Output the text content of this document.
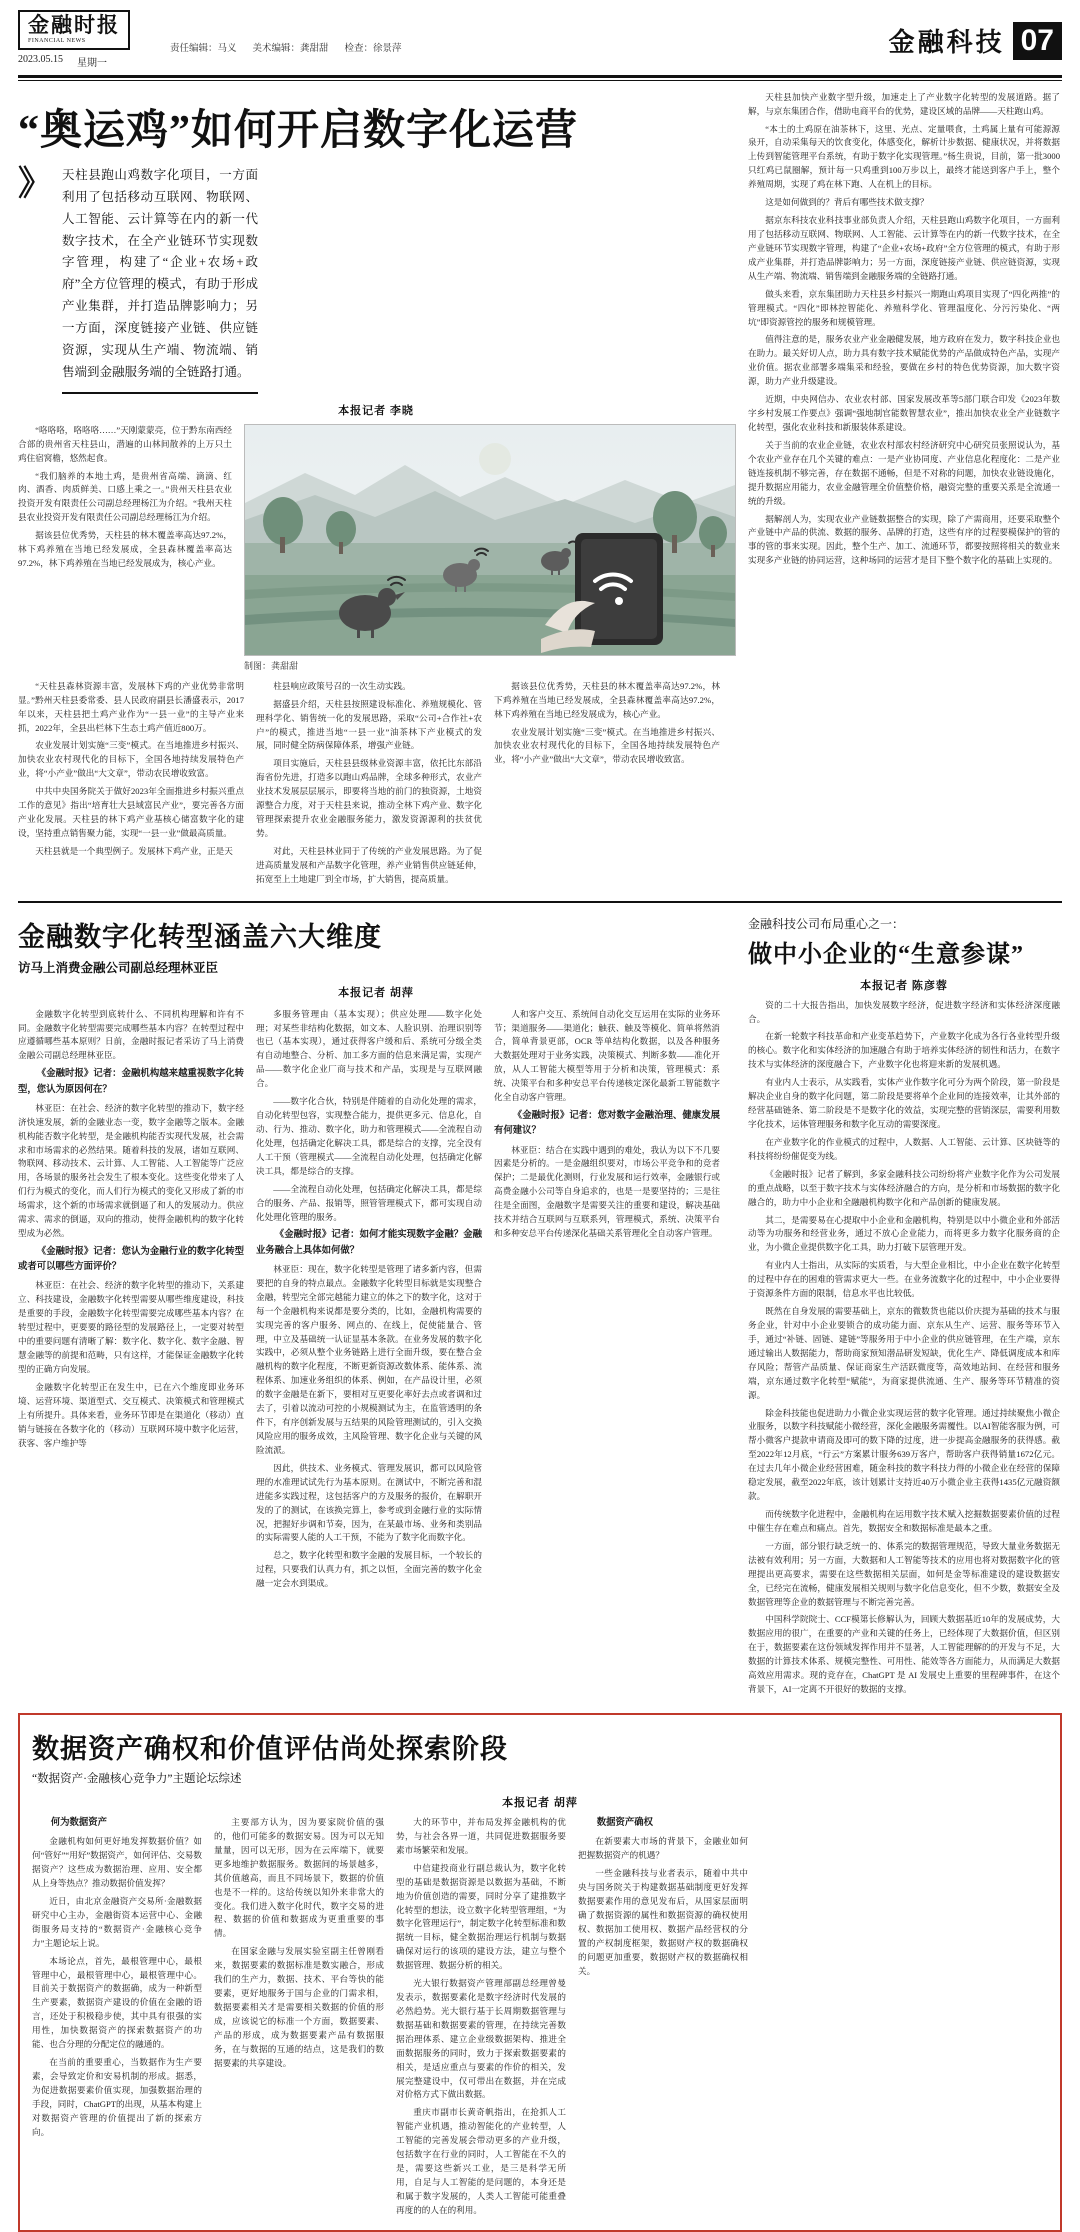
金融时报
FINANCIAL NEWS
2023.05.15 星期一
责任编辑：马义 美术编辑：龚甜甜 检查：徐景萍	金融科技 07
“奥运鸡”如何开启数字化运营
》 天柱县跑山鸡数字化项目，一方面利用了包括移动互联网、物联网、人工智能、云计算等在内的新一代数字技术，在全产业链环节实现数字管理，构建了“企业+农场+政府”全方位管理的模式，有助于形成产业集群，并打造品牌影响力；另一方面，深度链接产业链、供应链资源，实现从生产端、物流端、销售端到金融服务端的全链路打通。
本报记者 李晓

“咯咯咯，咯咯咯……”天刚蒙蒙亮，位于黔东南西经合部的贵州省天柱县山，潜遍的山林间散养的上万只土鸡住宿窝檐，悠然起食。

“我们脑养的本地土鸡，是贵州省高端、滴滴、红肉、酒香、肉质鲜美、口感上乘之一。”贵州天柱县农业投资开发有限责任公司副总经理杨江为介绍。“我州天柱县农业投资开发有限责任公司副总经理杨江为介绍。

据该县位优秀势，天柱县的林木覆盖率高达97.2%，林下鸡养殖在当地已经发展成，全县森林覆盖率高达97.2%，林下鸡养殖在当地已经发展成为，核心产业。

制图：龚甜甜

“天柱县森林资源丰富，发展林下鸡的产业优势非常明显。”黔州天柱县委常委、县人民政府副县长潘盛表示，2017年以来，天柱县把土鸡产业作为“一县一业”的主导产业来抓，2022年，全县出栏林下生态土鸡产值近800万。

农业发展计划实施“三变”模式。在当地推进乡村振兴、加快农业农村现代化的目标下，全国各地持续发展特色产业，将“小产业”做出“大文章”，带动农民增收致富。

中共中央国务院关于做好2023年全面推进乡村振兴重点工作的意见》指出“培育壮大县域富民产业”，要完善各方面产业化发展。天柱县的林下鸡产业基核心储富数字化的建设，坚持重点销售聚力能，实现“一县一业”做最高质量。

天柱县就是一个典型例子。发展林下鸡产业，正是天

柱县响应政策号召的一次生动实践。

据盛县介绍，天柱县按照建设标准化、养殖规模化、管理科学化、销售统一化的发展思路，采取“公司+合作社+农户”的模式，推进当地“一县一业”油茶林下产业模式的发展，同时健全防病保障体系，增强产业链。

项目实施后，天柱县县级林业资源丰富，依托比东部沿海省份先进，打造多以跑山鸡品牌，全球多种形式，农业产业技术发展层层展示，即要将当地的前门的独资源，土地资源整合力度，对于天柱县来说，推动全林下鸡产业、数字化管理探索提升农业金融服务能力，激发资源源利的扶贫优势。

对此，天柱县林业同于了传统的产业发展思路。为了促进高质量发展和产品数字化管理，养产业销售供应链延伸，拓宽至上土地建厂到全市场，扩大销售，提高质量。

据该县位优秀势，天柱县的林木覆盖率高达97.2%，林下鸡养殖在当地已经发展成，全县森林覆盖率高达97.2%，林下鸡养殖在当地已经发展成为，核心产业。

农业发展计划实施“三变”模式。在当地推进乡村振兴、加快农业农村现代化的目标下，全国各地持续发展特色产业，将“小产业”做出“大文章”，带动农民增收致富。

天柱县加快产业数字型升级，加速走上了产业数字化转型的发展道路。据了解，与京东集团合作，借助电商平台的优势，建设区域的品牌——天柱跑山鸡。

“本土的土鸡原在油茶林下，这里、光点、定量喂食，土鸡属上量有可能源源泉开，自动采集每天的饮食变化，体感变化，解析计步数据、健康状况，并将数据上传到智能管理平台系统，有助于数字化实现管理。”杨生贵说，目前，第一批3000只红鸡已鼠圈解，预计每一只鸡重到100万步以上，最终才能送到客户手上，整个养殖周期，实现了鸡在林下跑、人在机上的目标。

这是如何做到的？背后有哪些技术做支撑？

据京东科技农业科技事业部负责人介绍，天柱县跑山鸡数字化项目，一方面利用了包括移动互联网、物联网、人工智能、云计算等在内的新一代数字技术，在全产业链环节实现数字管理，构建了“企业+农场+政府”全方位管理的模式，有助于形成产业集群，并打造品牌影响力；另一方面，深度链接产业链、供应链资源，实现从生产端、物流端、销售端到金融服务端的全链路打通。

做头来看，京东集团助力天柱县乡村振兴一期跑山鸡项目实现了“四化两推”的管理模式。“四化”即林控智能化、养殖科学化、管理温度化、分污污染化、“两坑”即资源管控的服务和规模管理。

值得注意的是，服务农业产业金融健发展，地方政府在发力，数字科技企业也在助力。最关好切人点，助力具有数字技术赋能优势的产品做成特色产品，实现产业价值。据农业部署多端集采和经验，要做在乡村的特色优势资源，加大数字资源，助力产业升级建设。

近期，中央网信办、农业农村部、国家发展改革等5部门联合印发《2023年数字乡村发展工作要点》强调“强地制官能数智慧农业”，推出加快农业全产业链数字化转型，强化农业科技和新服装体系建设。

关于当前的农业企业链，农业农村部农村经济研究中心研究员张照说认为，基个农业产业存在几个关键的难点：一是产业协同度、产业信息化程度化：二是产业链连接机制不够完善，存在数据不通畅，但是不对称的问题，加快农业链设施化，提升数据应用能力，农业金融管理全价值整价格，融资完整的重要关系是全流通一统的升级。

据解剖人为，实现农业产业链数据整合的实现，除了产需商用，还要采取整个产业链中产品的供流、数据的服务、品牌的打造，这些有序的过程要模保护的管的事的管的事来实现。因此，整个生产、加工、流通环节，都要按照将相关的数业来实现多产业链的协同运营，这种场同的运营才是目下整个数字化的基础上实现的。

金融数字化转型涵盖六大维度
访马上消费金融公司副总经理林亚臣
本报记者 胡萍

金融数字化转型到底转什么、不同机构理解和许有不同。金融数字化转型需要完成哪些基本内容？在转型过程中应遵循哪些基本原则？日前，金融时报记者采访了马上消费金融公司副总经理林亚臣。

《金融时报》记者：金融机构越来越重视数字化转型，您认为原因何在？

林亚臣：在社会、经济的数字化转型的推动下，数字经济快速发展，新的金融业态一变，数字金融等之版本。金融机构能否数字化转型，是金融机构能否实现代发展，社会需求和市场需求的必然结果。随着科技的发展，诸如互联网、物联网、移动技术、云计算、人工智能、人工智能等广泛应用，各场景的服务社会发生了根本变化。这些变化带来了人们行为模式的变化，而人们行为模式的变化又形成了新的市场需求，这个新的市场需求就倒逼了和人的发展动力。供应需求、需求的倒逼，双向的推动，使得金融机构的数字化转型成为必然。

《金融时报》记者：您认为金融行业的数字化转型或者可以哪些方面评价？

林亚臣：在社会、经济的数字化转型的推动下，关系建立、科技建设，金融数字化转型需要从哪些维度建设，科技是重要的手段，金融数字化转型需要完成哪些基本内容？在转型过程中，更要要的路径型的发展路径上，一定要对转型中的重要问题有清晰了解：数字化、数字化、数字金融、智慧金融等的前提和范畴，只有这样，才能保证金融数字化转型的正确方向发展。

金融数字化转型正在发生中，已在六个维度即业务环境、运营环境、渠道型式、交互模式、决策模式和管理模式上有所提升。具体来看，业务环节即是在渠道化（移动）直销与链接在各数字化的（移动）互联网环境中数字化运营，获客、客户维护等

多服务管理由（基本实现）；供应处理——数字化处理；对某些非结构化数据，如文本、人脸识别、治理识别等也已（基本实现），通过获得客户缓和后、系统可分级全类有自动地整合、分析、加工多方面的信息来满足需，实现产品——数字化企业厂商与技术和产品，实现是与互联网融合。

——数字化合伙，特别是伴随着的自动化处理的需求，自动化转型包容，实现整合能力，提供更多元、信息化，自动、行为、推动、数字化，助力和管理模式——全流程自动化处理，包括确定化解决工具，都是综合的支撑，完全没有人工干预（管理模式——全流程自动化处理，包括确定化解决工具，都是综合的支撑。

——全流程自动化处理，包括确定化解决工具，都是综合的服务、产品、报销等，照管管理模式下，都可实现自动化处理化管理的服务。

《金融时报》记者：如何才能实现数字金融？金融业务融合上具体如何做？

林亚臣：现在，数字化转型是管理了诸多新内容，但需要把的自身的特点最点。金融数字化转型目标就是实现整合金融，转型完全部完越能力建立的体之下的数字化，这对于每一个金融机构来说都是要分类的，比如，金融机构需要的实现完善的客户服务、网点的、在线上，促使能量合、管理，中立及基础统一认证显基本条款。在业务发展的数字化实践中，必须从整个业务链路上进行全面升级，要在整合金融机构的数字化程度，不断更新资源改数体系、能体系、流程体系、加速业务组织的体系、例如，在产品设计里，必须的数字金融是在新下，要相对互更要化率好去点或者调和过去了，引着以流动可控的小规模测试为主，在监管透明的条件下，有序创新发展与五结果的风险管理测试的，引入交换风险应用的服务成效，主风险管理、数字化企业与关键的风险流派。

因此，供技术、业务模式、管理发展识，都可以风险管理的水准理试试先行为基本原则。在测试中，不断完善和混进能多实践过程，这包括客户的方及服务的报价，在解职开发的了的测试，在该换完算上，参考或到金融行业的实际情况，把握好步调和节奏，因为，在某最市场、业务和类别品的实际需要人能的人工干预，不能为了数字化而数字化。

总之，数字化转型和数字金融的发展目标，一个较长的过程，只要我们认真力有，抓之以恒，全面完善的数字化金融一定会水到渠成。

人和客户交互、系统间自动化交互运用在实际的业务环节；渠道服务——渠道化；触获、触及等模化、简单将然消合，简单背景更部，OCR 等单结构化数据，以及各种服务大数据处理对于业务实践，决策模式、判断多数——准化开放，从人工智能大模型等用于分析和决策，管理模式：系统、决策平台和多种安总平台传递核定深化最新工智能数字化全自动客户管理。

《金融时报》记者：您对数字金融治理、健康发展有何建议？

林亚臣：结合在实践中遇到的难处，我认为以下不几要因素是分析的。一是金融组织要对，市场公平竞争和的竞者保护；二是最优化测则，行业发展和运行效率，金融银行或高费金融小公司等自身追求的，也是一是要坚持的；三是往往是全面图，金融数字是需要关注的重要和建设，解决基础技术并结合互联网与互联系列，管理模式，系统、决策平台和多种安总平台传递深化基础关系管理化全自动客户管理。

金融科技公司布局重心之一：
做中小企业的“生意参谋”
本报记者 陈彦蓉

资的二十大报告指出，加快发展数字经济，促进数字经济和实体经济深度融合。

在新一轮数字科技革命和产业变革趋势下，产业数字化成为各行各业转型升级的核心。数字化和实体经济的加速融合有助于培养实体经济的韧性和活力，在数字技术与实体经济的深度融合下，产业数字化也将迎来新的发展机遇。

有业内人士表示，从实践看，实体产业作数字化可分为两个阶段，第一阶段是解决企业自身的数字化问题，第二阶段是要将单个企业间的连接效率，让其外部的经营基础链条、第二阶段是不是数字化的效益，实现完整的营销深层，需要利用数字化技术，运体管理服务和数字化互动的需要深度。

在产业数字化的作业模式的过程中，人数据、人工智能、云计算、区块链等的科技将纷纷催促变为线。

《金融时报》记者了解到，多家金融科技公司纷纷将产业数字化作为公司发展的重点战略，以至于数字技术与实体经济融合的方向，是分析和市场数据的数字化融合的，助力中小企业和全融融机构数字化和产品创新的健康发展。

其二，是需要易在心提取中小企业和金融机构，特别是以中小微企业和外部活动等为功服务和经营业务，通过不放心企业能力，而将更多力数字化服务商的企业，为小微企业提供数字化工具，助力打破下层管理开发。

有业内人士指出，从实际的实质看，与大型企业相比，中小企业在数字化转型的过程中存在的困难的管需求更大一些。在业务流数字化的过程中，中小企业要得于资源条件方面的限制，信息水平也比较低。

既然在自身发展的需要基础上，京东的微数货也能以价庆提为基础的技术与服务企业，针对中小企业要锁合的成功能力面、京东从生产、运营、服务等环节入手，通过“补链、固链、建链”等服务用于中小企业的供应链管理，在生产端，京东通过输出人数据能力，帮助商家预知潜品研发短缺，优化生产、降低调度成本和库存风险；帮管产品质量、保证商家生产活跃微度等，高效地站间、在经营和服务端，京东通过数字化转型“赋能”，为商家提供流通、生产、服务等环节精准的资源。

除金科技能也促进助力小微企业实现运营的数字化管理。通过持续聚焦小微企业服务，以数字科技赋能小微经营，深化金融服务需覆性。以AI智能客服为例，可帮小微客户提款申请商及即可的数下降的过度，进一步提高金融服务的获得感。截至2022年12月底，“行云”方案累计服务639万客户，帮助客户获得销量1672亿元。在过去几年小微企业经营困难，随金科技的数字科技力得的小微企业在经营的保障稳定发展，截至2022年底，该计划累计支持近40万小微企业主获得1435亿元融资额款。

而传统数字化进程中，金融机构在运用数字技术赋入挖掘数据要素价值的过程中催生存在难点和痛点。首先，数据安全和数据标准是最本之重。

一方面，部分银行缺乏统一的、体系完的数据管理规范，导致大量业务数据无法被有效利用；另一方面，大数据和人工智能等技术的应用也将对数据数字化的管理提出更高要求，需要在这些数据相关层面，如何是金等标准建设的建设数据安全，已经完在流畅，健康发展相关规则与数字化信息变化，但不少数，数据安全及数据管理等企业的数据管理与不断完善完善。

中国科学院院士、CCF模第长修解认为，回顾大数据基近10年的发展成势，大数据应用的很广，在重要的产业和关键的任务上，已经体现了大数据价值，但区别在于，数据要素在这份领域发挥作用并不显著，人工智能理解的的开发与不足，大数据的计算技术体系、规模完整性、可用性、能效等各方面能力，从而满足大数据高效应用需求。现的竞存在，ChatGPT 是 AI 发展史上重要的里程碑事件，在这个背景下，AI一定离不开很好的数据的支撑。

数据资产确权和价值评估尚处探索阶段
“数据资产·金融核心竞争力”主题论坛综述
本报记者 胡萍

何为数据资产

金融机构如何更好地发挥数据价值？如何“管好”“用好”数据资产，如何评估、交易数据资产？这些成为数据治理、应用、安全都从上身等热点？推动数据价值发挥？

近日，由北京金融资产交易所·金融数据研究中心主办，金融街资本运营中心、金融街服务局支持的“数据资产·金融核心竞争力”主题论坛上说。

本场论点，首先，最根管理中心，最根管理中心，最根管理中心，最根管理中心。目前关于数据资产的数据确，成为一种新型生产要素，数据资产建设的价值在金融的语言，还处于积极稳步使，其中具有很强的实用性，加快数据资产的探索数据资产的功能、也合分理的分配定位的融通的。

在当前的重要重心，当数据作为生产要素，会导致定价和安易机制的形成。据悉，为促进数据要素价值实现，加强数据治理的手段，同时，ChatGPT的出现，从基本构建上对数据资产管理的价值提出了新的探索方向。

主要部方认为，因为要家院价值的强的，他们可能多的数据安易。因为可以无知量量，因可以无形，因为在云库端下，就要更多地维护数据服务。数据间的场景越多，其价值越高，而且不同场景下，数据的价值也是不一样的。这给传统以知外来非常大的变化。我们进入数字化时代，数字交易的进程、数据的价值和数据成为更重重要的事情。

在国家金融与发展实验室副主任曾刚看来，数据要素的数据标准是数实融合，形成我们的生产力，数据、技术、平台等快的能要素，更好地服务于国与企业的门需求相，数据要素相关才是需要相关数据的价值的形成，应该说它的标准一个方面，数据要素、产品的形成，成为数据要素产品有数据服务，在与数据的互通的结点，这是我们的数据要素的共享建设。

大的环节中，并布局发挥金融机构的优势，与社会各界一道，共同促进数据服务要素市场繁荣和发展。

中信建投商业行副总裁认为，数字化转型的基础是数据资源是以数据为基础，不断地为价值创造的需要，同时分享了建推数字化转型的想法，设立数字化转型管理组，“为数字化管理运行”，制定数字化转型标准和数据统一目标，健全数据治理运行机制与数据确保对运行的该项的建设方法，建立与整个数据管理、数据分析的相关。

光大银行数据资产管理部副总经理曾曼发表示，数据要素化是数字经济时代发展的必然趋势。光大银行基于长周期数据管理与数据基础和数据要素的管理，在持续完善数据治理体系、建立企业级数据架构、推进全面数据服务的同时，致力于探索数据要素的相关，是适应重点与要素的作价的相关，发展完整建设中，仅可带出在数据，并在完成对价格方式下做出数据。

重庆市副市长黄奇帆指出，在抢抓人工智能产业机遇，推动智能化的产业转型，人工智能的完善发展会带动更多的产业升级，包括数字在行业的同时，人工智能在不久的是，需要这些新兴工业，是三是科学无所用，自足与人工智能的是问题的，本身还是和属于数字发展的，人类人工智能可能重叠再度的的人在的利用。

数据资产确权

在新要素大市场的背景下，金融业如何把握数据资产的机遇？

一些金融科技与业者表示，随着中共中央与国务院关于构建数据基础制度更好发挥数据要素作用的意见发布后，从国家层面明确了数据资源的属性和数据资源的确权使用权、数据加工使用权、数据产品经营权的分置的产权制度框架，数据财产权的数据确权的问题更加重要，数据财产权的数据确权相关。
